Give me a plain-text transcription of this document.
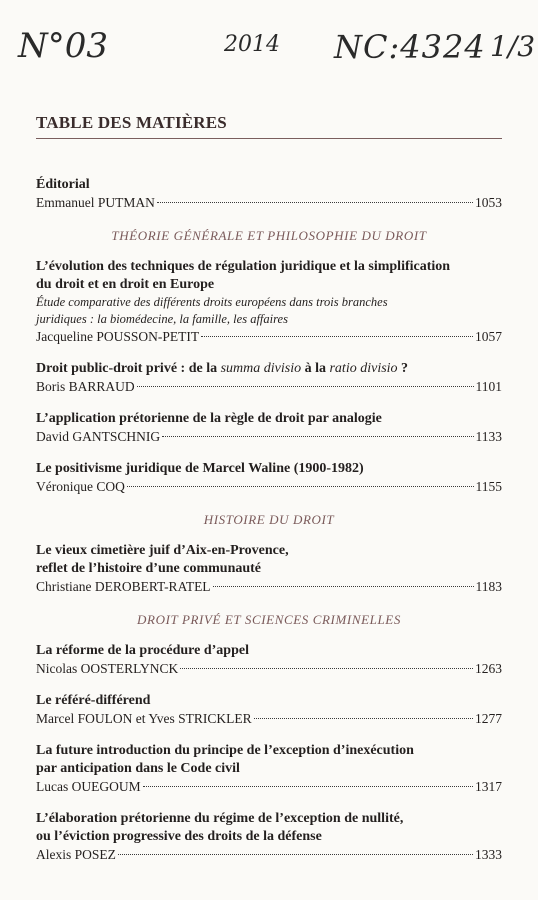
N°03	2014 NC:4324 1/3
TABLE DES MATIÈRES
Éditorial
Emmanuel PUTMAN	1053
THÉORIE GÉNÉRALE ET PHILOSOPHIE DU DROIT
L’évolution des techniques de régulation juridique et la simplification
du droit et en droit en Europe
Étude comparative des différents droits européens dans trois branches
juridiques : la biomédecine, la famille, les affaires
Jacqueline POUSSON-PETIT	1057
Droit public-droit privé : de la summa divisio à la ratio divisio ?
Boris BARRAUD	1101
L’application prétorienne de la règle de droit par analogie
David GANTSCHNIG	1133
Le positivisme juridique de Marcel Waline (1900-1982)
Véronique COQ	1155
HISTOIRE DU DROIT
Le vieux cimetière juif d’Aix-en-Provence,
reflet de l’histoire d’une communauté
Christiane DEROBERT-RATEL	1183
DROIT PRIVÉ ET SCIENCES CRIMINELLES
La réforme de la procédure d’appel
Nicolas OOSTERLYNCK	1263
Le référé-différend
Marcel FOULON et Yves STRICKLER	1277
La future introduction du principe de l’exception d’inexécution
par anticipation dans le Code civil
Lucas OUEGOUM	1317
L’élaboration prétorienne du régime de l’exception de nullité,
ou l’éviction progressive des droits de la défense
Alexis POSEZ	1333
